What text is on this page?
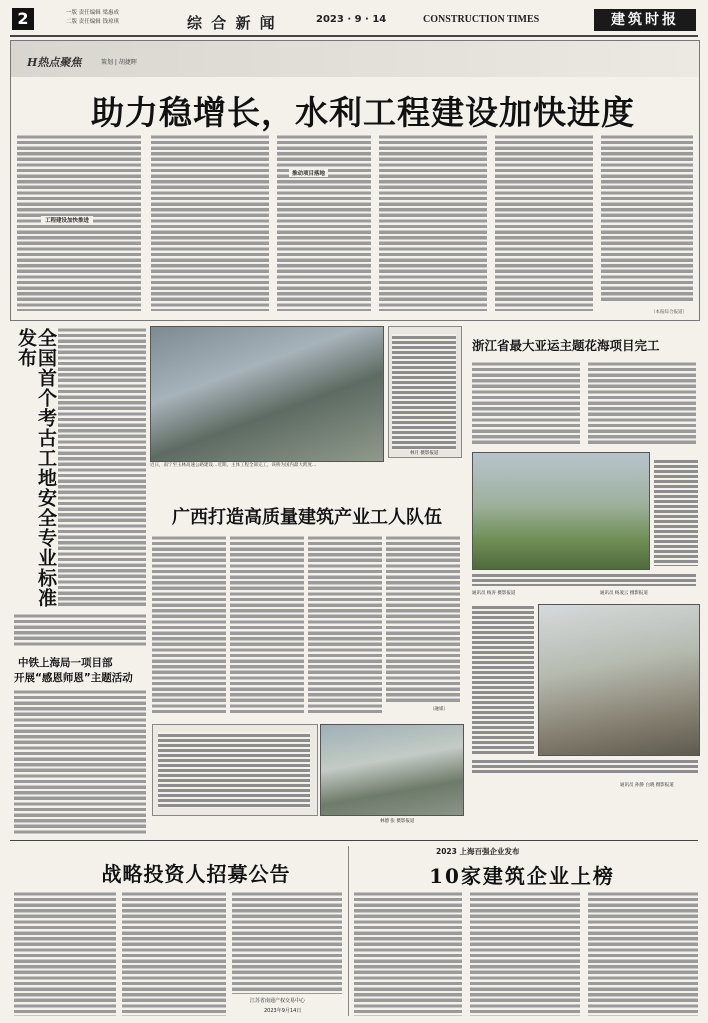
2	一版 责任编辑 梁惠成
二版 责任编辑 钱琼琪	综 合 新 闻	2023 · 9 · 14	CONSTRUCTION TIMES	建筑时报
H热点聚焦	策划 | 胡捷晖
助力稳增长，水利工程建设加快进度
工程建设加快推进
推动项目落地
（本报综合报道）
全国首个考古工地安全专业标准发布
中铁上海局一项目部
开展“感恩师恩”主题活动
近日，南宁至玉林高速公路建设…近期，主体工程全部完工，该桥为国内最大跨度…
林月 摄影报道
广西打造高质量建筑产业工人队伍
（融媒）
林德 张 摄影报道
浙江省最大亚运主题花海项目完工
通讯员 杨凌云 摄影报道
通讯员 杨涛 摄影报道
通讯员 孙静 白晓 摄影报道
战略投资人招募公告
江苏省南通产权交易中心
2023年9月14日
2023 上海百强企业发布
10家建筑企业上榜
